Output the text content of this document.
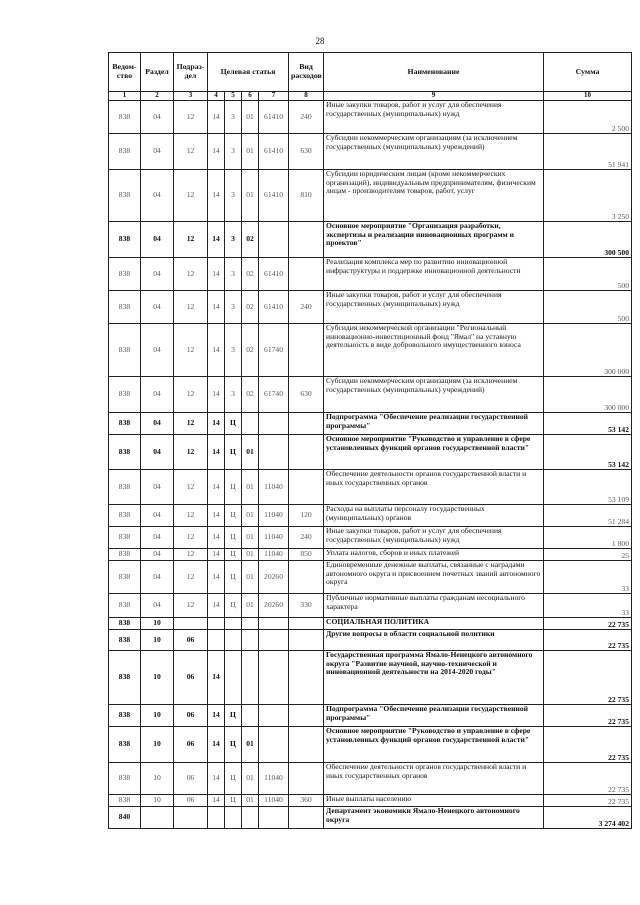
28
Ведом-ство	Раздел	Подраз-дел	Целевая статья				Вид расходов	Наименование	Сумма
1	2	3	4	5	6	7	8	9	10
838	04	12	14	3	01	61410	240	Иные закупки товаров, работ и услуг для обеспечения государственных (муниципальных) нужд	2 500
838	04	12	14	3	01	61410	630	Субсидии некоммерческим организациям (за исключением государственных (муниципальных) учреждений)	51 941
838	04	12	14	3	01	61410	810	Субсидии юридическим лицам (кроме некоммерческих организаций), индивидуальным предпринимателям, физическим лицам - производителям товаров, работ, услуг	3 250
838	04	12	14	3	02			Основное мероприятие "Организация разработки, экспертизы и реализации инновационных программ и проектов"	300 500
838	04	12	14	3	02	61410		Реализация комплекса мер по развитию инновационной инфраструктуры и поддержке инновационной деятельности	500
838	04	12	14	3	02	61410	240	Иные закупки товаров, работ и услуг для обеспечения государственных (муниципальных) нужд	500
838	04	12	14	3	02	61740		Субсидия некоммерческой организации "Региональный инновационно-инвестиционный фонд "Ямал" на уставную деятельность в виде добровольного имущественного взноса	300 000
838	04	12	14	3	02	61740	630	Субсидии некоммерческим организациям (за исключением государственных (муниципальных) учреждений)	300 000
838	04	12	14	Ц				Подпрограмма "Обеспечение реализации государственной программы"	53 142
838	04	12	14	Ц	01			Основное мероприятие "Руководство и управление в сфере установленных функций органов государственной власти"	53 142
838	04	12	14	Ц	01	11040		Обеспечение деятельности органов государственной власти и иных государственных органов	53 109
838	04	12	14	Ц	01	11040	120	Расходы на выплаты персоналу государственных (муниципальных) органов	51 284
838	04	12	14	Ц	01	11040	240	Иные закупки товаров, работ и услуг для обеспечения государственных (муниципальных) нужд	1 800
838	04	12	14	Ц	01	11040	850	Уплата налогов, сборов и иных платежей	25
838	04	12	14	Ц	01	20260		Единовременные денежные выплаты, связанные с наградами автономного округа и присвоением почетных званий автономного округа	33
838	04	12	14	Ц	01	20260	330	Публичные нормативные выплаты гражданам несоциального характера	33
838	10							СОЦИАЛЬНАЯ ПОЛИТИКА	22 735
838	10	06						Другие вопросы в области социальной политики	22 735
838	10	06	14					Государственная программа Ямало-Ненецкого автономного округа "Развитие научной, научно-технической и инновационной деятельности на 2014-2020 годы"	22 735
838	10	06	14	Ц				Подпрограмма "Обеспечение реализации государственной программы"	22 735
838	10	06	14	Ц	01			Основное мероприятие "Руководство и управление в сфере установленных функций органов государственной власти"	22 735
838	10	06	14	Ц	01	11040		Обеспечение деятельности органов государственной власти и иных государственных органов	22 735
838	10	06	14	Ц	01	11040	360	Иные выплаты населению	22 735
840								Департамент экономики Ямало-Ненецкого автономного округа	3 274 402
